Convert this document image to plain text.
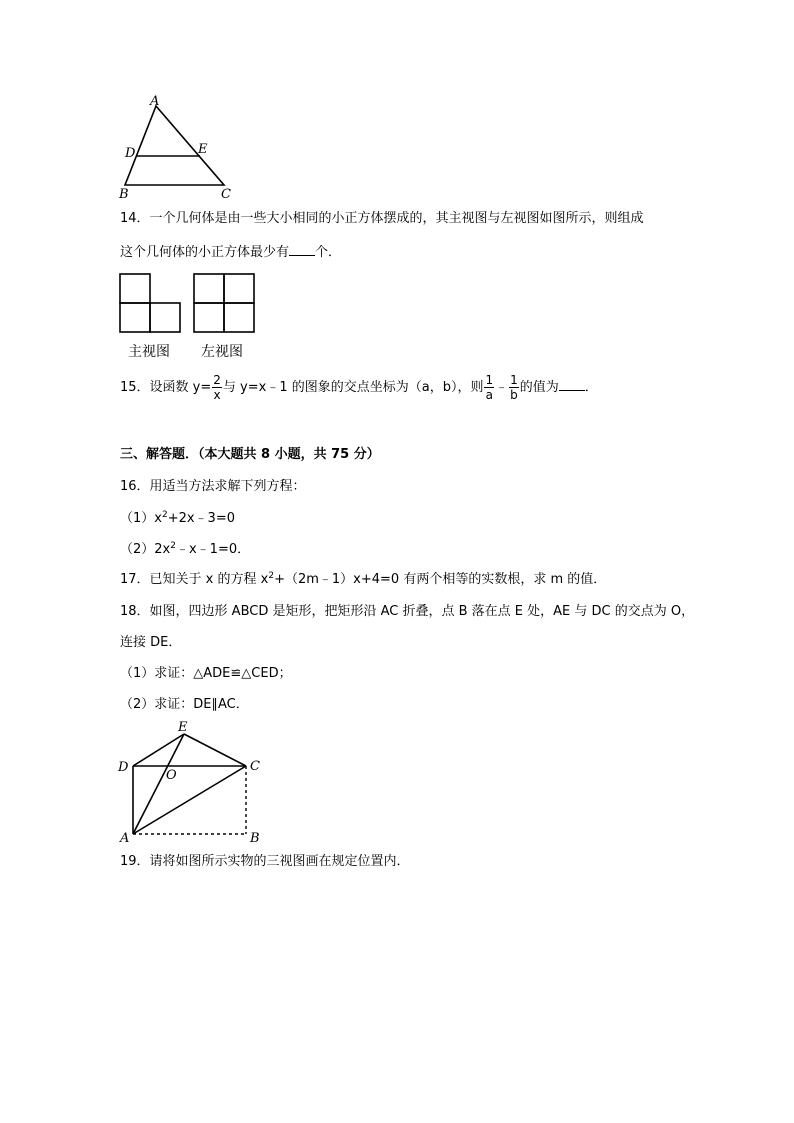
A
D	E
B	C
14．一个几何体是由一些大小相同的小正方体摆成的，其主视图与左视图如图所示，则组成
这个几何体的小正方体最少有 个．
主视图 左视图
15．设函数 $y= \frac{2}{x}$ 与 y=x﹣1 的图象的交点坐标为（a，b），则 $\frac{1}{a}$ ﹣ $\frac{1}{b}$ 的值为 ．
三、解答题．（本大题共 8 小题，共 75 分）
16．用适当方法求解下列方程：
$(1)x^2+2x﹣3=0$
$(2)2x^2﹣x﹣1=0$．
17．已知关于 x 的方程 $x^2+(2m﹣1)x+4=0$ 有两个相等的实数根，求 m 的值．
18．如图，四边形 ABCD 是矩形，把矩形沿 AC 折叠，点 B 落在点 E 处，AE 与 DC 的交点为 O，
连接 DE．
（1）求证：△ADE≌△CED；
（2）求证：DE∥AC．
E
D	C
O
A	B
19．请将如图所示实物的三视图画在规定位置内．
